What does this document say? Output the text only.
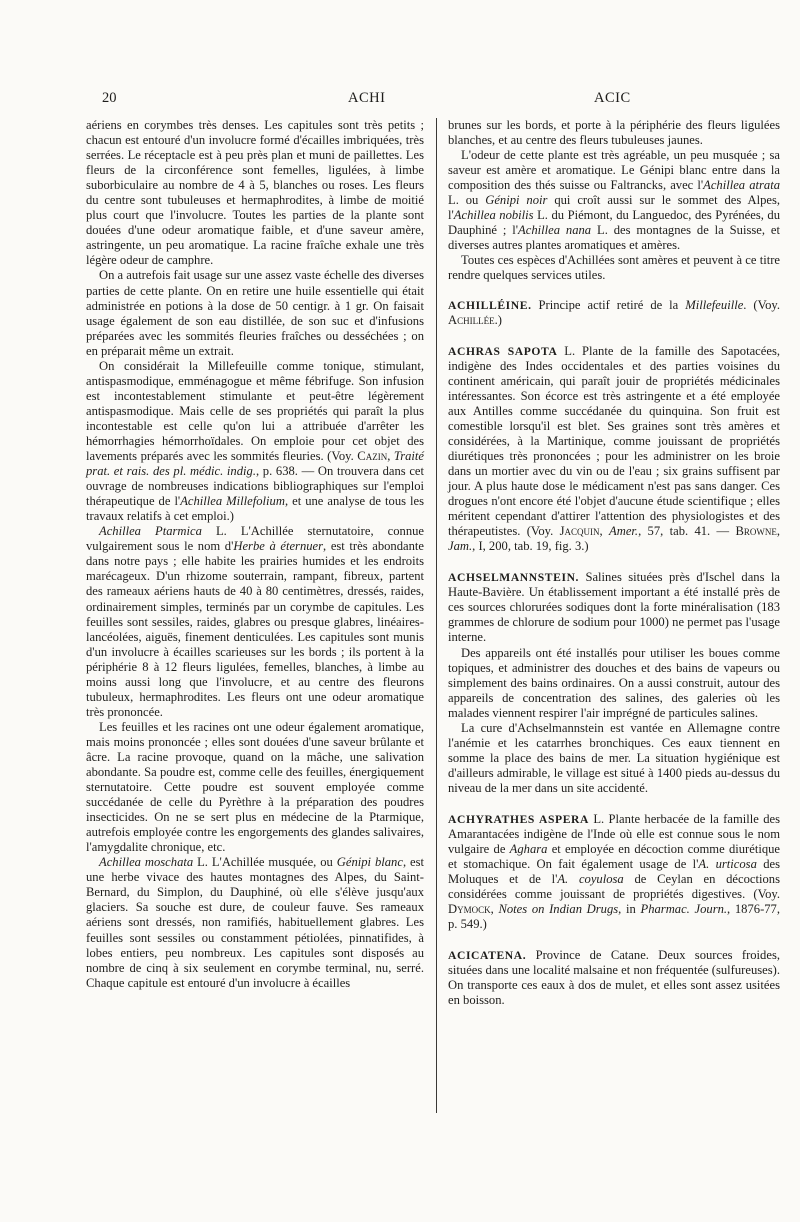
20	ACHI	ACIC

aériens en corymbes très denses. Les capitules sont très petits ; chacun est entouré d'un involucre formé d'écailles imbriquées, très serrées. Le réceptacle est à peu près plan et muni de paillettes. Les fleurs de la circonférence sont femelles, ligulées, à limbe suborbiculaire au nombre de 4 à 5, blanches ou roses. Les fleurs du centre sont tubuleuses et hermaphrodites, à limbe de moitié plus court que l'involucre. Toutes les parties de la plante sont douées d'une odeur aromatique faible, et d'une saveur amère, astringente, un peu aromatique. La racine fraîche exhale une très légère odeur de camphre.

On a autrefois fait usage sur une assez vaste échelle des diverses parties de cette plante. On en retire une huile essentielle qui était administrée en potions à la dose de 50 centigr. à 1 gr. On faisait usage également de son eau distillée, de son suc et d'infusions préparées avec les sommités fleuries fraîches ou desséchées ; on en préparait même un extrait.

On considérait la Millefeuille comme tonique, stimulant, antispasmodique, emménagogue et même fébrifuge. Son infusion est incontestablement stimulante et peut-être légèrement antispasmodique. Mais celle de ses propriétés qui paraît la plus incontestable est celle qu'on lui a attribuée d'arrêter les hémorrhagies hémorrhoïdales. On emploie pour cet objet des lavements préparés avec les sommités fleuries. (Voy. Cazin, Traité prat. et rais. des pl. médic. indig., p. 638. — On trouvera dans cet ouvrage de nombreuses indications bibliographiques sur l'emploi thérapeutique de l'Achillea Millefolium, et une analyse de tous les travaux relatifs à cet emploi.)

Achillea Ptarmica L. L'Achillée sternutatoire, connue vulgairement sous le nom d'Herbe à éternuer, est très abondante dans notre pays ; elle habite les prairies humides et les endroits marécageux. D'un rhizome souterrain, rampant, fibreux, partent des rameaux aériens hauts de 40 à 80 centimètres, dressés, raides, ordinairement simples, terminés par un corymbe de capitules. Les feuilles sont sessiles, raides, glabres ou presque glabres, linéaires-lancéolées, aiguës, finement denticulées. Les capitules sont munis d'un involucre à écailles scarieuses sur les bords ; ils portent à la périphérie 8 à 12 fleurs ligulées, femelles, blanches, à limbe au moins aussi long que l'involucre, et au centre des fleurons tubuleux, hermaphrodites. Les fleurs ont une odeur aromatique très prononcée.

Les feuilles et les racines ont une odeur également aromatique, mais moins prononcée ; elles sont douées d'une saveur brûlante et âcre. La racine provoque, quand on la mâche, une salivation abondante. Sa poudre est, comme celle des feuilles, énergiquement sternutatoire. Cette poudre est souvent employée comme succédanée de celle du Pyrèthre à la préparation des poudres insecticides. On ne se sert plus en médecine de la Ptarmique, autrefois employée contre les engorgements des glandes salivaires, l'amygdalite chronique, etc.

Achillea moschata L. L'Achillée musquée, ou Génipi blanc, est une herbe vivace des hautes montagnes des Alpes, du Saint-Bernard, du Simplon, du Dauphiné, où elle s'élève jusqu'aux glaciers. Sa souche est dure, de couleur fauve. Ses rameaux aériens sont dressés, non ramifiés, habituellement glabres. Les feuilles sont sessiles ou constamment pétiolées, pinnatifides, à lobes entiers, peu nombreux. Les capitules sont disposés au nombre de cinq à six seulement en corymbe terminal, nu, serré. Chaque capitule est entouré d'un involucre à écailles

brunes sur les bords, et porte à la périphérie des fleurs ligulées blanches, et au centre des fleurs tubuleuses jaunes.

L'odeur de cette plante est très agréable, un peu musquée ; sa saveur est amère et aromatique. Le Génipi blanc entre dans la composition des thés suisse ou Faltrancks, avec l'Achillea atrata L. ou Génipi noir qui croît aussi sur le sommet des Alpes, l'Achillea nobilis L. du Piémont, du Languedoc, des Pyrénées, du Dauphiné ; l'Achillea nana L. des montagnes de la Suisse, et diverses autres plantes aromatiques et amères.

Toutes ces espèces d'Achillées sont amères et peuvent à ce titre rendre quelques services utiles.

ACHILLÉINE. Principe actif retiré de la Millefeuille. (Voy. Achillée.)

ACHRAS SAPOTA L. Plante de la famille des Sapotacées, indigène des Indes occidentales et des parties voisines du continent américain, qui paraît jouir de propriétés médicinales intéressantes. Son écorce est très astringente et a été employée aux Antilles comme succédanée du quinquina. Son fruit est comestible lorsqu'il est blet. Ses graines sont très amères et considérées, à la Martinique, comme jouissant de propriétés diurétiques très prononcées ; pour les administrer on les broie dans un mortier avec du vin ou de l'eau ; six grains suffisent par jour. A plus haute dose le médicament n'est pas sans danger. Ces drogues n'ont encore été l'objet d'aucune étude scientifique ; elles méritent cependant d'attirer l'attention des physiologistes et des thérapeutistes. (Voy. Jacquin, Amer., 57, tab. 41. — Browne, Jam., I, 200, tab. 19, fig. 3.)

ACHSELMANNSTEIN. Salines situées près d'Ischel dans la Haute-Bavière. Un établissement important a été installé près de ces sources chlorurées sodiques dont la forte minéralisation (183 grammes de chlorure de sodium pour 1000) ne permet pas l'usage interne.

Des appareils ont été installés pour utiliser les boues comme topiques, et administrer des douches et des bains de vapeurs ou simplement des bains ordinaires. On a aussi construit, autour des appareils de concentration des salines, des galeries où les malades viennent respirer l'air imprégné de particules salines.

La cure d'Achselmannstein est vantée en Allemagne contre l'anémie et les catarrhes bronchiques. Ces eaux tiennent en somme la place des bains de mer. La situation hygiénique est d'ailleurs admirable, le village est situé à 1400 pieds au-dessus du niveau de la mer dans un site accidenté.

ACHYRATHES ASPERA L. Plante herbacée de la famille des Amarantacées indigène de l'Inde où elle est connue sous le nom vulgaire de Aghara et employée en décoction comme diurétique et stomachique. On fait également usage de l'A. urticosa des Moluques et de l'A. coyulosa de Ceylan en décoctions considérées comme jouissant de propriétés digestives. (Voy. Dymock, Notes on Indian Drugs, in Pharmac. Journ., 1876-77, p. 549.)

ACICATENA. Province de Catane. Deux sources froides, situées dans une localité malsaine et non fréquentée (sulfureuses). On transporte ces eaux à dos de mulet, et elles sont assez usitées en boisson.
